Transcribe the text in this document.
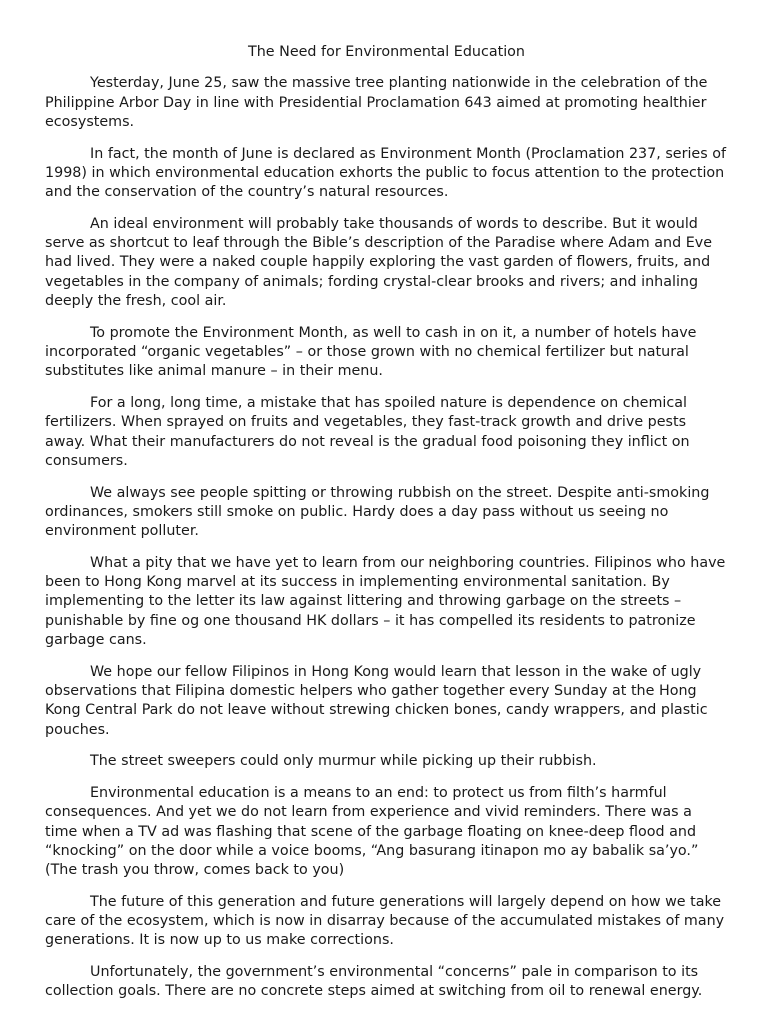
The Need for Environmental Education

Yesterday, June 25, saw the massive tree planting nationwide in the celebration of the Philippine Arbor Day in line with Presidential Proclamation 643 aimed at promoting healthier ecosystems.

In fact, the month of June is declared as Environment Month (Proclamation 237, series of 1998) in which environmental education exhorts the public to focus attention to the protection and the conservation of the country’s natural resources.

An ideal environment will probably take thousands of words to describe. But it would serve as shortcut to leaf through the Bible’s description of the Paradise where Adam and Eve had lived. They were a naked couple happily exploring the vast garden of flowers, fruits, and vegetables in the company of animals; fording crystal-clear brooks and rivers; and inhaling deeply the fresh, cool air.

To promote the Environment Month, as well to cash in on it, a number of hotels have incorporated “organic vegetables” – or those grown with no chemical fertilizer but natural substitutes like animal manure – in their menu.

For a long, long time, a mistake that has spoiled nature is dependence on chemical fertilizers. When sprayed on fruits and vegetables, they fast-track growth and drive pests away. What their manufacturers do not reveal is the gradual food poisoning they inflict on consumers.

We always see people spitting or throwing rubbish on the street. Despite anti-smoking ordinances, smokers still smoke on public. Hardy does a day pass without us seeing no environment polluter.

What a pity that we have yet to learn from our neighboring countries. Filipinos who have been to Hong Kong marvel at its success in implementing environmental sanitation. By implementing to the letter its law against littering and throwing garbage on the streets – punishable by fine og one thousand HK dollars – it has compelled its residents to patronize garbage cans.

We hope our fellow Filipinos in Hong Kong would learn that lesson in the wake of ugly observations that Filipina domestic helpers who gather together every Sunday at the Hong Kong Central Park do not leave without strewing chicken bones, candy wrappers, and plastic pouches.

The street sweepers could only murmur while picking up their rubbish.

Environmental education is a means to an end: to protect us from filth’s harmful consequences. And yet we do not learn from experience and vivid reminders. There was a time when a TV ad was flashing that scene of the garbage floating on knee-deep flood and “knocking” on the door while a voice booms, “Ang basurang itinapon mo ay babalik sa’yo.” (The trash you throw, comes back to you)

The future of this generation and future generations will largely depend on how we take care of the ecosystem, which is now in disarray because of the accumulated mistakes of many generations. It is now up to us make corrections.

Unfortunately, the government’s environmental “concerns” pale in comparison to its collection goals. There are no concrete steps aimed at switching from oil to renewal energy.
